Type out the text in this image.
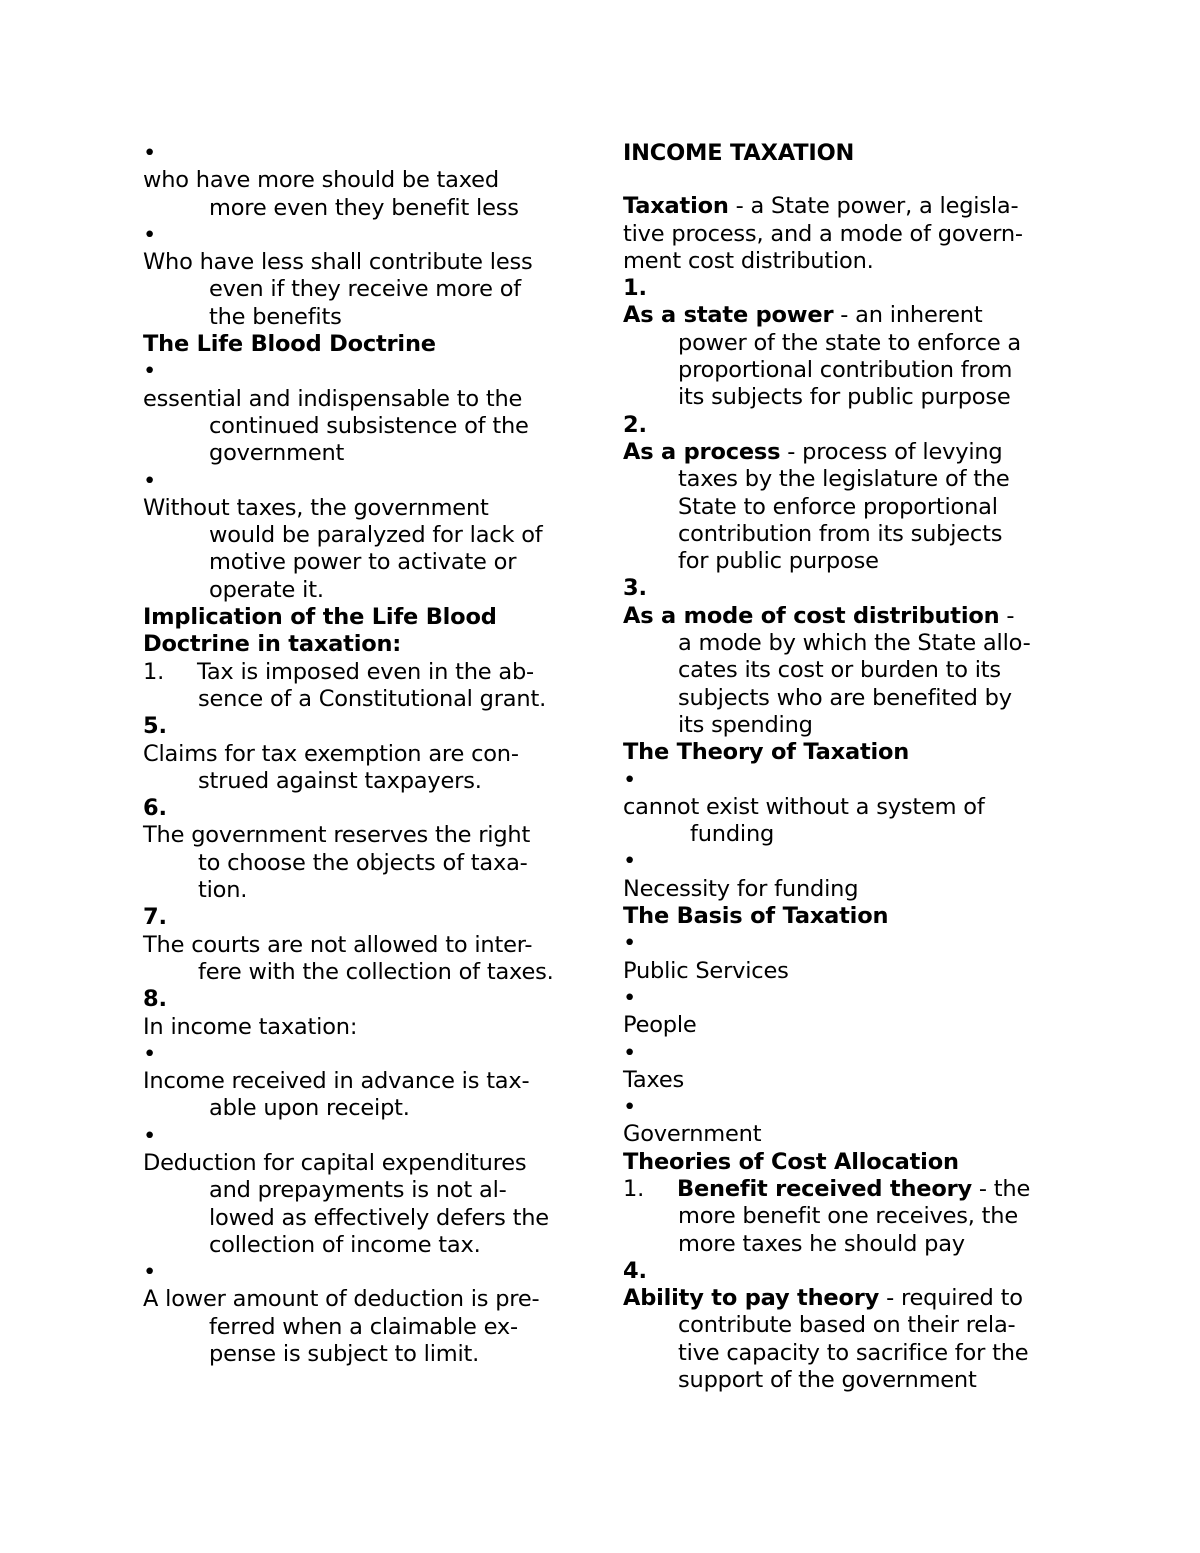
•
who have more should be taxed
more even they benefit less
•
Who have less shall contribute less
even if they receive more of
the benefits
The Life Blood Doctrine
•
essential and indispensable to the
continued subsistence of the
government
•
Without taxes, the government
would be paralyzed for lack of
motive power to activate or
operate it.
Implication of the Life Blood
Doctrine in taxation:
1. Tax is imposed even in the ab-
sence of a Constitutional grant.
5.
Claims for tax exemption are con-
strued against taxpayers.
6.
The government reserves the right
to choose the objects of taxa-
tion.
7.
The courts are not allowed to inter-
fere with the collection of taxes.
8.
In income taxation:
•
Income received in advance is tax-
able upon receipt.
•
Deduction for capital expenditures
and prepayments is not al-
lowed as effectively defers the
collection of income tax.
•
A lower amount of deduction is pre-
ferred when a claimable ex-
pense is subject to limit.
INCOME TAXATION
Taxation - a State power, a legisla-
tive process, and a mode of govern-
ment cost distribution.
1.
As a state power - an inherent
power of the state to enforce a
proportional contribution from
its subjects for public purpose
2.
As a process - process of levying
taxes by the legislature of the
State to enforce proportional
contribution from its subjects
for public purpose
3.
As a mode of cost distribution -
a mode by which the State allo-
cates its cost or burden to its
subjects who are benefited by
its spending
The Theory of Taxation
•
cannot exist without a system of
funding
•
Necessity for funding
The Basis of Taxation
•
Public Services
•
People
•
Taxes
•
Government
Theories of Cost Allocation
1. Benefit received theory - the
more benefit one receives, the
more taxes he should pay
4.
Ability to pay theory - required to
contribute based on their rela-
tive capacity to sacrifice for the
support of the government
